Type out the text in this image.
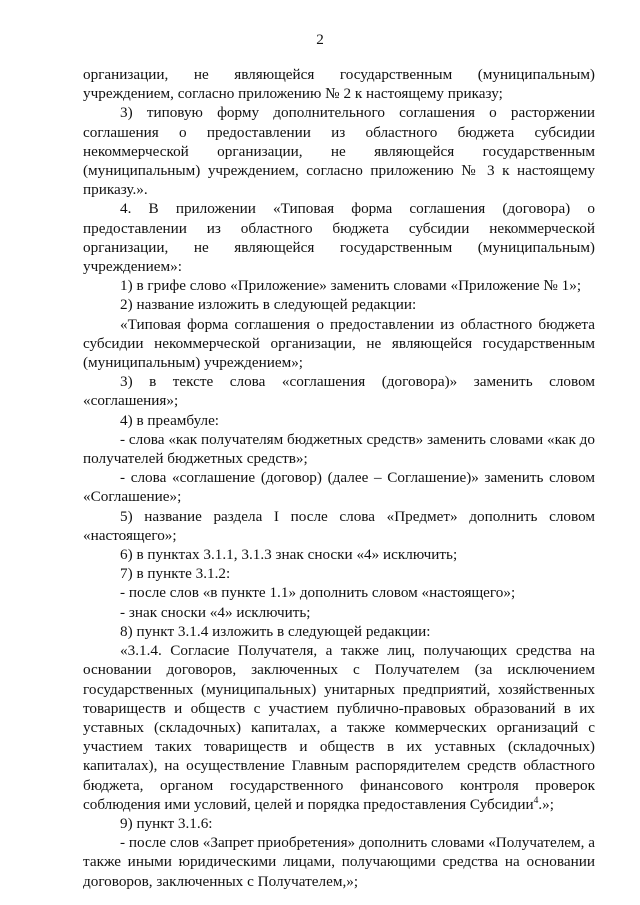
2

организации, не являющейся государственным (муниципальным) учреждением, согласно приложению № 2 к настоящему приказу;

3) типовую форму дополнительного соглашения о расторжении соглашения о предоставлении из областного бюджета субсидии некоммерческой организации, не являющейся государственным (муниципальным) учреждением, согласно приложению № 3 к настоящему приказу.».

4. В приложении «Типовая форма соглашения (договора) о предоставлении из областного бюджета субсидии некоммерческой организации, не являющейся государственным (муниципальным) учреждением»:

1) в грифе слово «Приложение» заменить словами «Приложение № 1»;

2) название изложить в следующей редакции:

«Типовая форма соглашения о предоставлении из областного бюджета субсидии некоммерческой организации, не являющейся государственным (муниципальным) учреждением»;

3) в тексте слова «соглашения (договора)» заменить словом «соглашения»;

4) в преамбуле:

- слова «как получателям бюджетных средств» заменить словами «как до получателей бюджетных средств»;

- слова «соглашение (договор) (далее – Соглашение)» заменить словом «Соглашение»;

5) название раздела I после слова «Предмет» дополнить словом «настоящего»;

6) в пунктах 3.1.1, 3.1.3 знак сноски «4» исключить;

7) в пункте 3.1.2:

- после слов «в пункте 1.1» дополнить словом «настоящего»;

- знак сноски «4» исключить;

8) пункт 3.1.4 изложить в следующей редакции:

«3.1.4. Согласие Получателя, а также лиц, получающих средства на основании договоров, заключенных с Получателем (за исключением государственных (муниципальных) унитарных предприятий, хозяйственных товариществ и обществ с участием публично-правовых образований в их уставных (складочных) капиталах, а также коммерческих организаций с участием таких товариществ и обществ в их уставных (складочных) капиталах), на осуществление Главным распорядителем средств областного бюджета, органом государственного финансового контроля проверок соблюдения ими условий, целей и порядка предоставления Субсидии$^4$.»;

9) пункт 3.1.6:

- после слов «Запрет приобретения» дополнить словами «Получателем, а также иными юридическими лицами, получающими средства на основании договоров, заключенных с Получателем,»;
